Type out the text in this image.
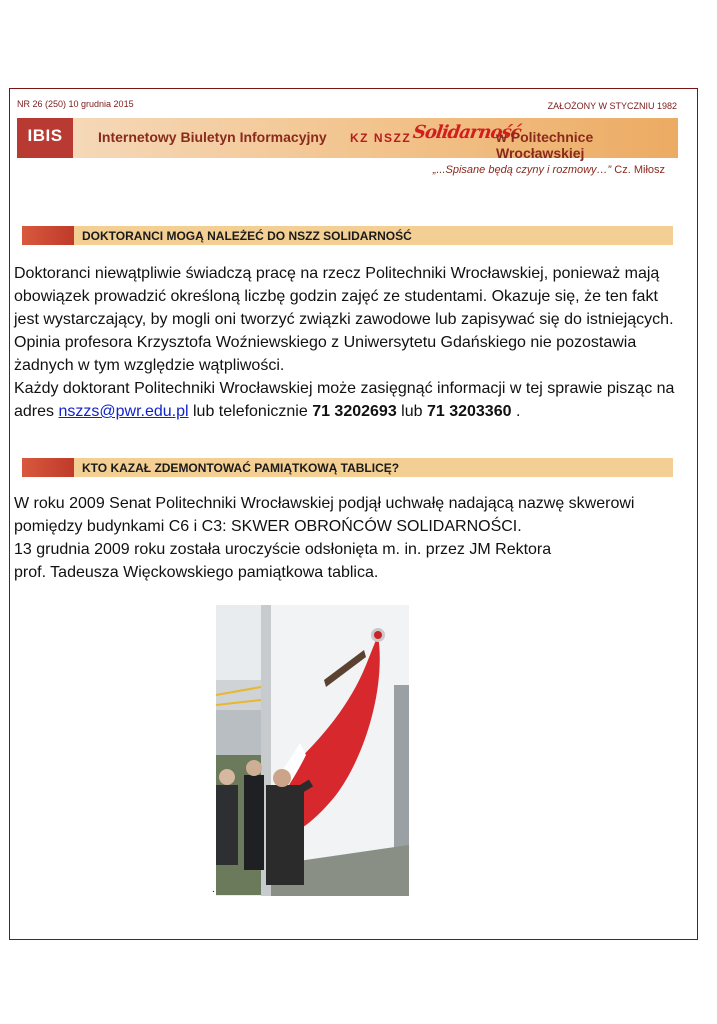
NR 26 (250) 10 grudnia 2015	ZAŁOŻONY W STYCZNIU 1982
IBIS	Internetowy Biuletyn Informacyjny KZ NSZZ Solidarność
w Politechnice Wrocławskiej
„...Spisane będą czyny i rozmowy…” Cz. Miłosz
DOKTORANCI MOGĄ NALEŻEĆ DO NSZZ SOLIDARNOŚĆ
Doktoranci niewątpliwie świadczą pracę na rzecz Politechniki Wrocławskiej, ponieważ mają obowiązek prowadzić określoną liczbę godzin zajęć ze studentami. Okazuje się, że ten fakt jest wystarczający, by mogli oni tworzyć związki zawodowe lub zapisywać się do istniejących. Opinia profesora Krzysztofa Woźniewskiego z Uniwersytetu Gdańskiego nie pozostawia żadnych w tym względzie wątpliwości.
Każdy doktorant Politechniki Wrocławskiej może zasięgnąć informacji w tej sprawie pisząc na adres nszzs@pwr.edu.pl lub telefonicznie 71 3202693 lub 71 3203360 .
KTO KAZAŁ ZDEMONTOWAĆ PAMIĄTKOWĄ TABLICĘ?
W roku 2009 Senat Politechniki Wrocławskiej podjął uchwałę nadającą nazwę skwerowi pomiędzy budynkami C6 i C3: SKWER OBROŃCÓW SOLIDARNOŚCI.
13 grudnia 2009 roku została uroczyście odsłonięta m. in. przez JM Rektora
prof. Tadeusza Więckowskiego pamiątkowa tablica.
.
